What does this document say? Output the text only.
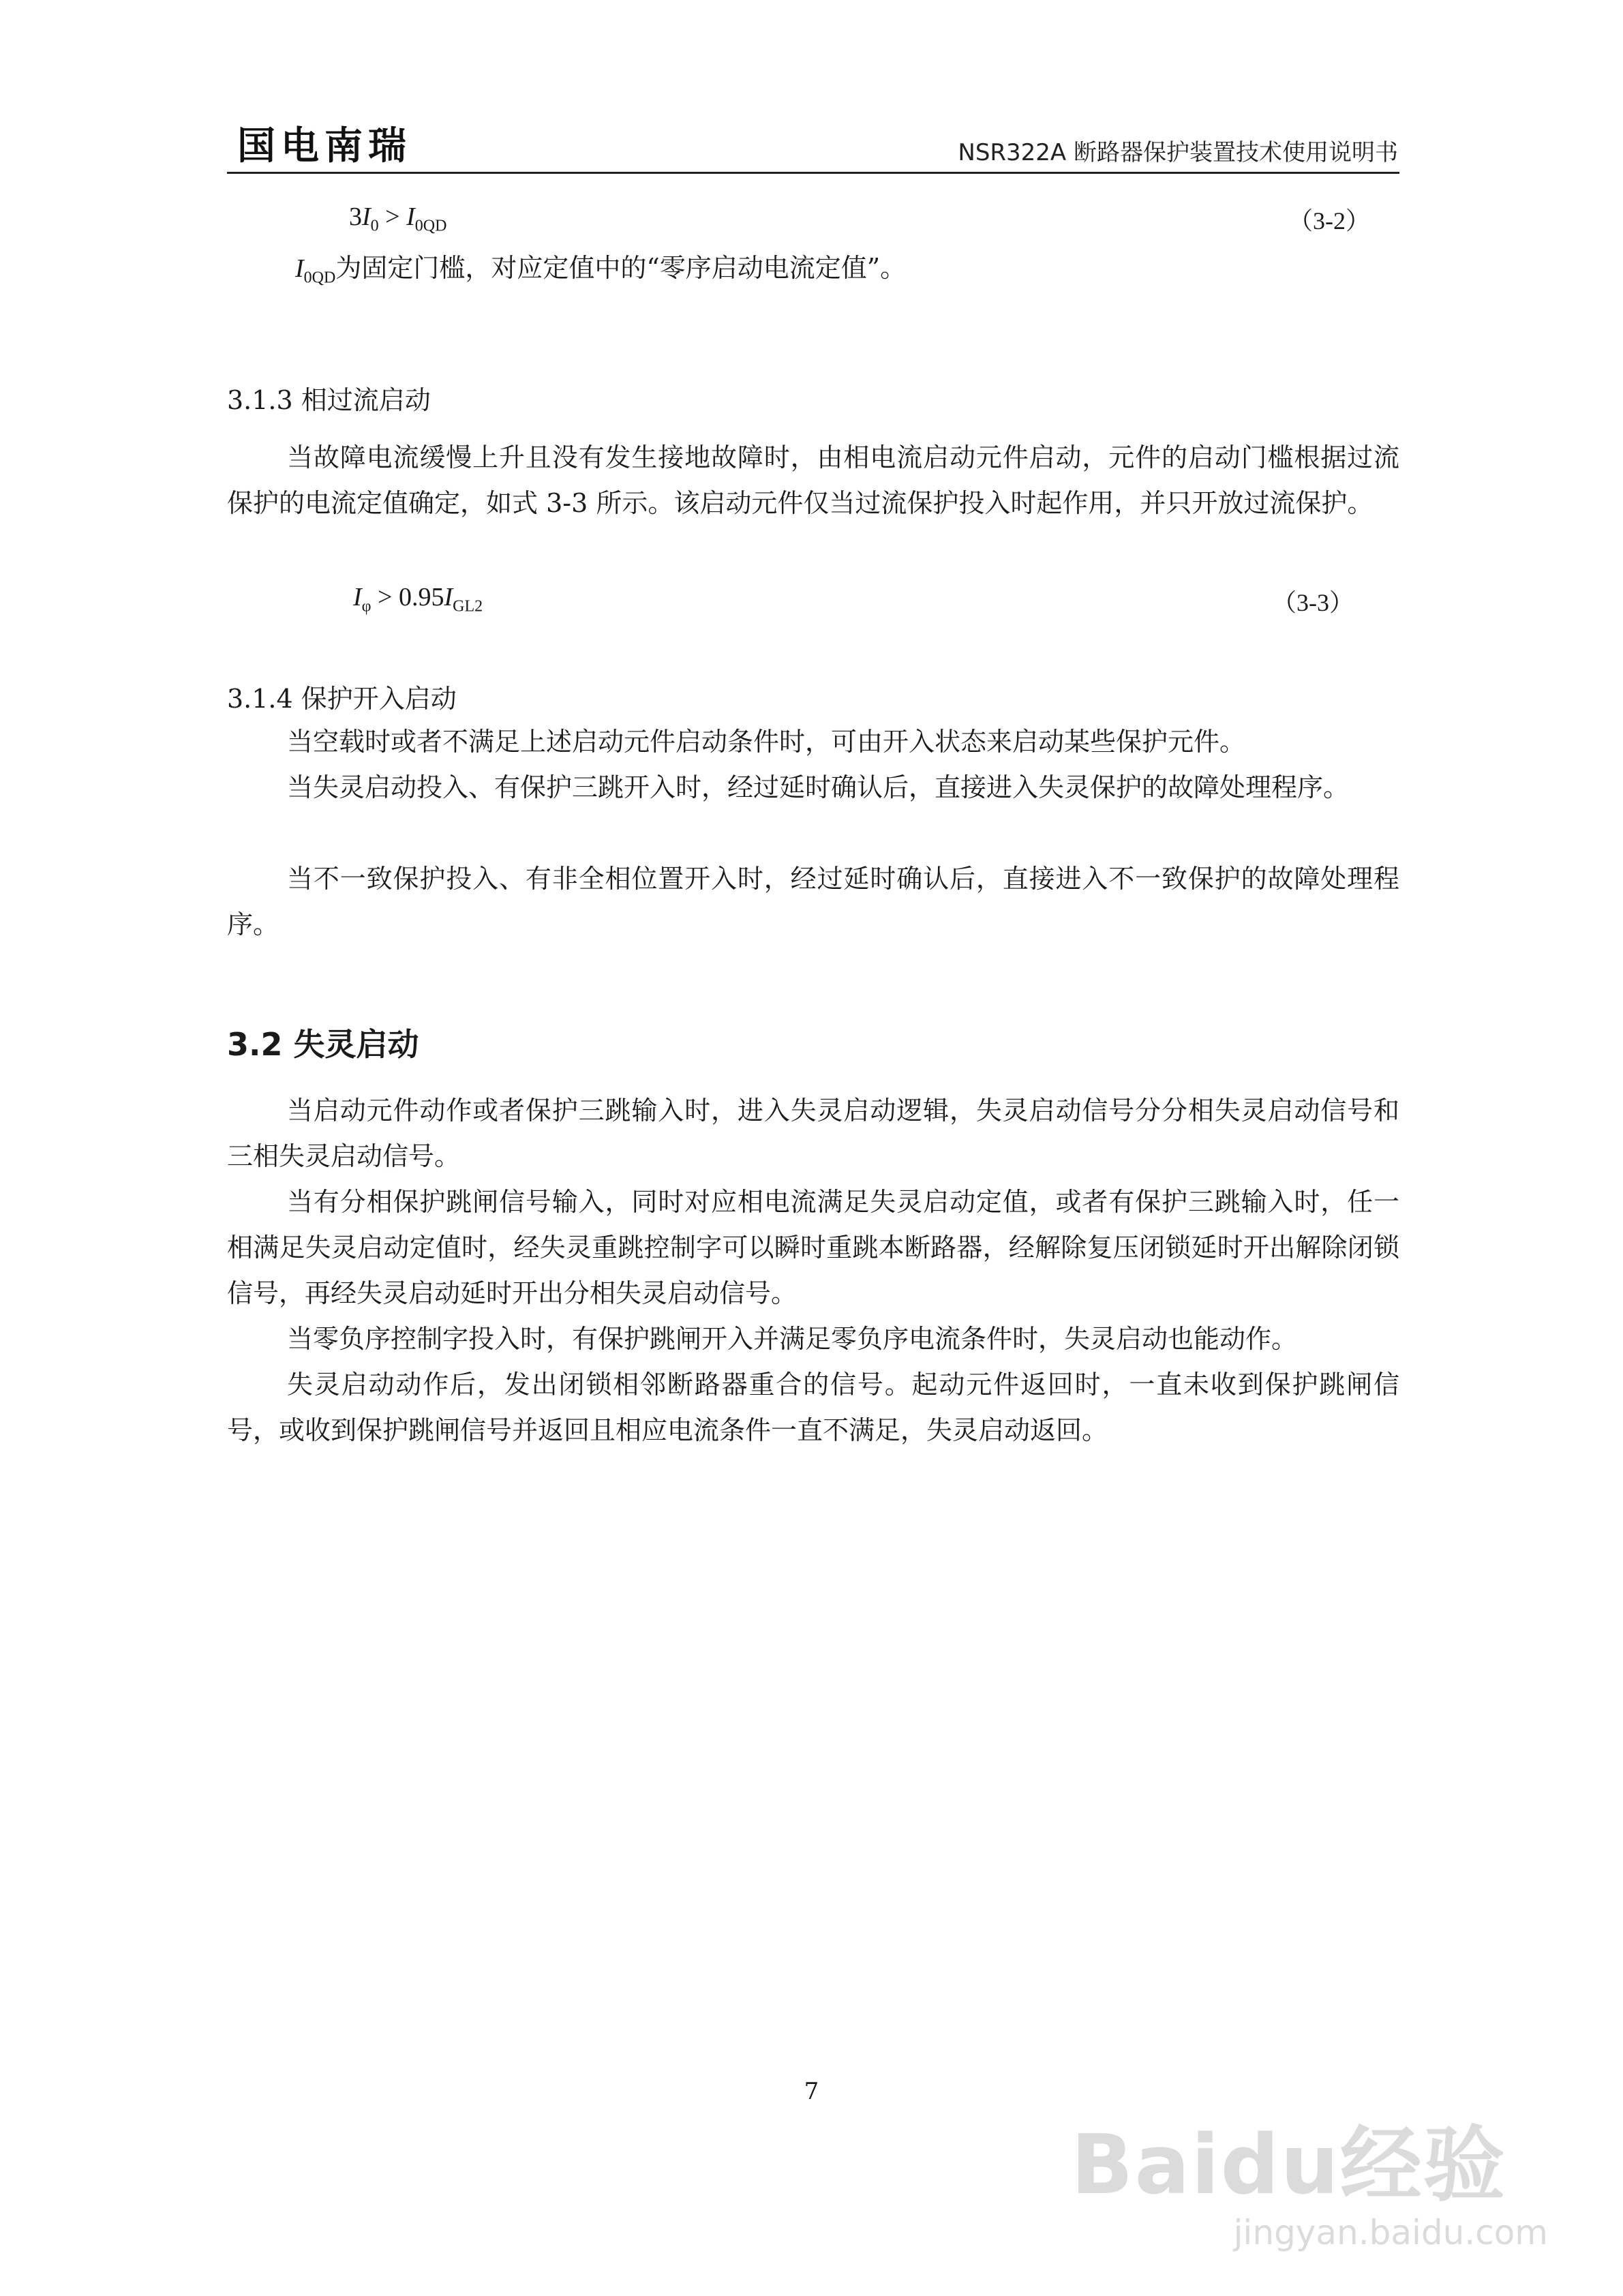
国电南瑞	NSR322A 断路器保护装置技术使用说明书
$3I_0 > I_{0QD}$	（3-2）
$I_{0QD}$为固定门槛，对应定值中的“零序启动电流定值”。
3.1.3 相过流启动

当故障电流缓慢上升且没有发生接地故障时，由相电流启动元件启动，元件的启动门槛根据过流保护的电流定值确定，如式 3-3 所示。该启动元件仅当过流保护投入时起作用，并只开放过流保护。

$I_\varphi > 0.95I_{GL2}$	（3-3）
3.1.4 保护开入启动

当空载时或者不满足上述启动元件启动条件时，可由开入状态来启动某些保护元件。

当失灵启动投入、有保护三跳开入时，经过延时确认后，直接进入失灵保护的故障处理程序。

当不一致保护投入、有非全相位置开入时，经过延时确认后，直接进入不一致保护的故障处理程序。

3.2 失灵启动

当启动元件动作或者保护三跳输入时，进入失灵启动逻辑，失灵启动信号分分相失灵启动信号和三相失灵启动信号。

当有分相保护跳闸信号输入，同时对应相电流满足失灵启动定值，或者有保护三跳输入时，任一相满足失灵启动定值时，经失灵重跳控制字可以瞬时重跳本断路器，经解除复压闭锁延时开出解除闭锁信号，再经失灵启动延时开出分相失灵启动信号。

当零负序控制字投入时，有保护跳闸开入并满足零负序电流条件时，失灵启动也能动作。

失灵启动动作后，发出闭锁相邻断路器重合的信号。起动元件返回时，一直未收到保护跳闸信号，或收到保护跳闸信号并返回且相应电流条件一直不满足，失灵启动返回。

7
Baidu经验
jingyan.baidu.com
